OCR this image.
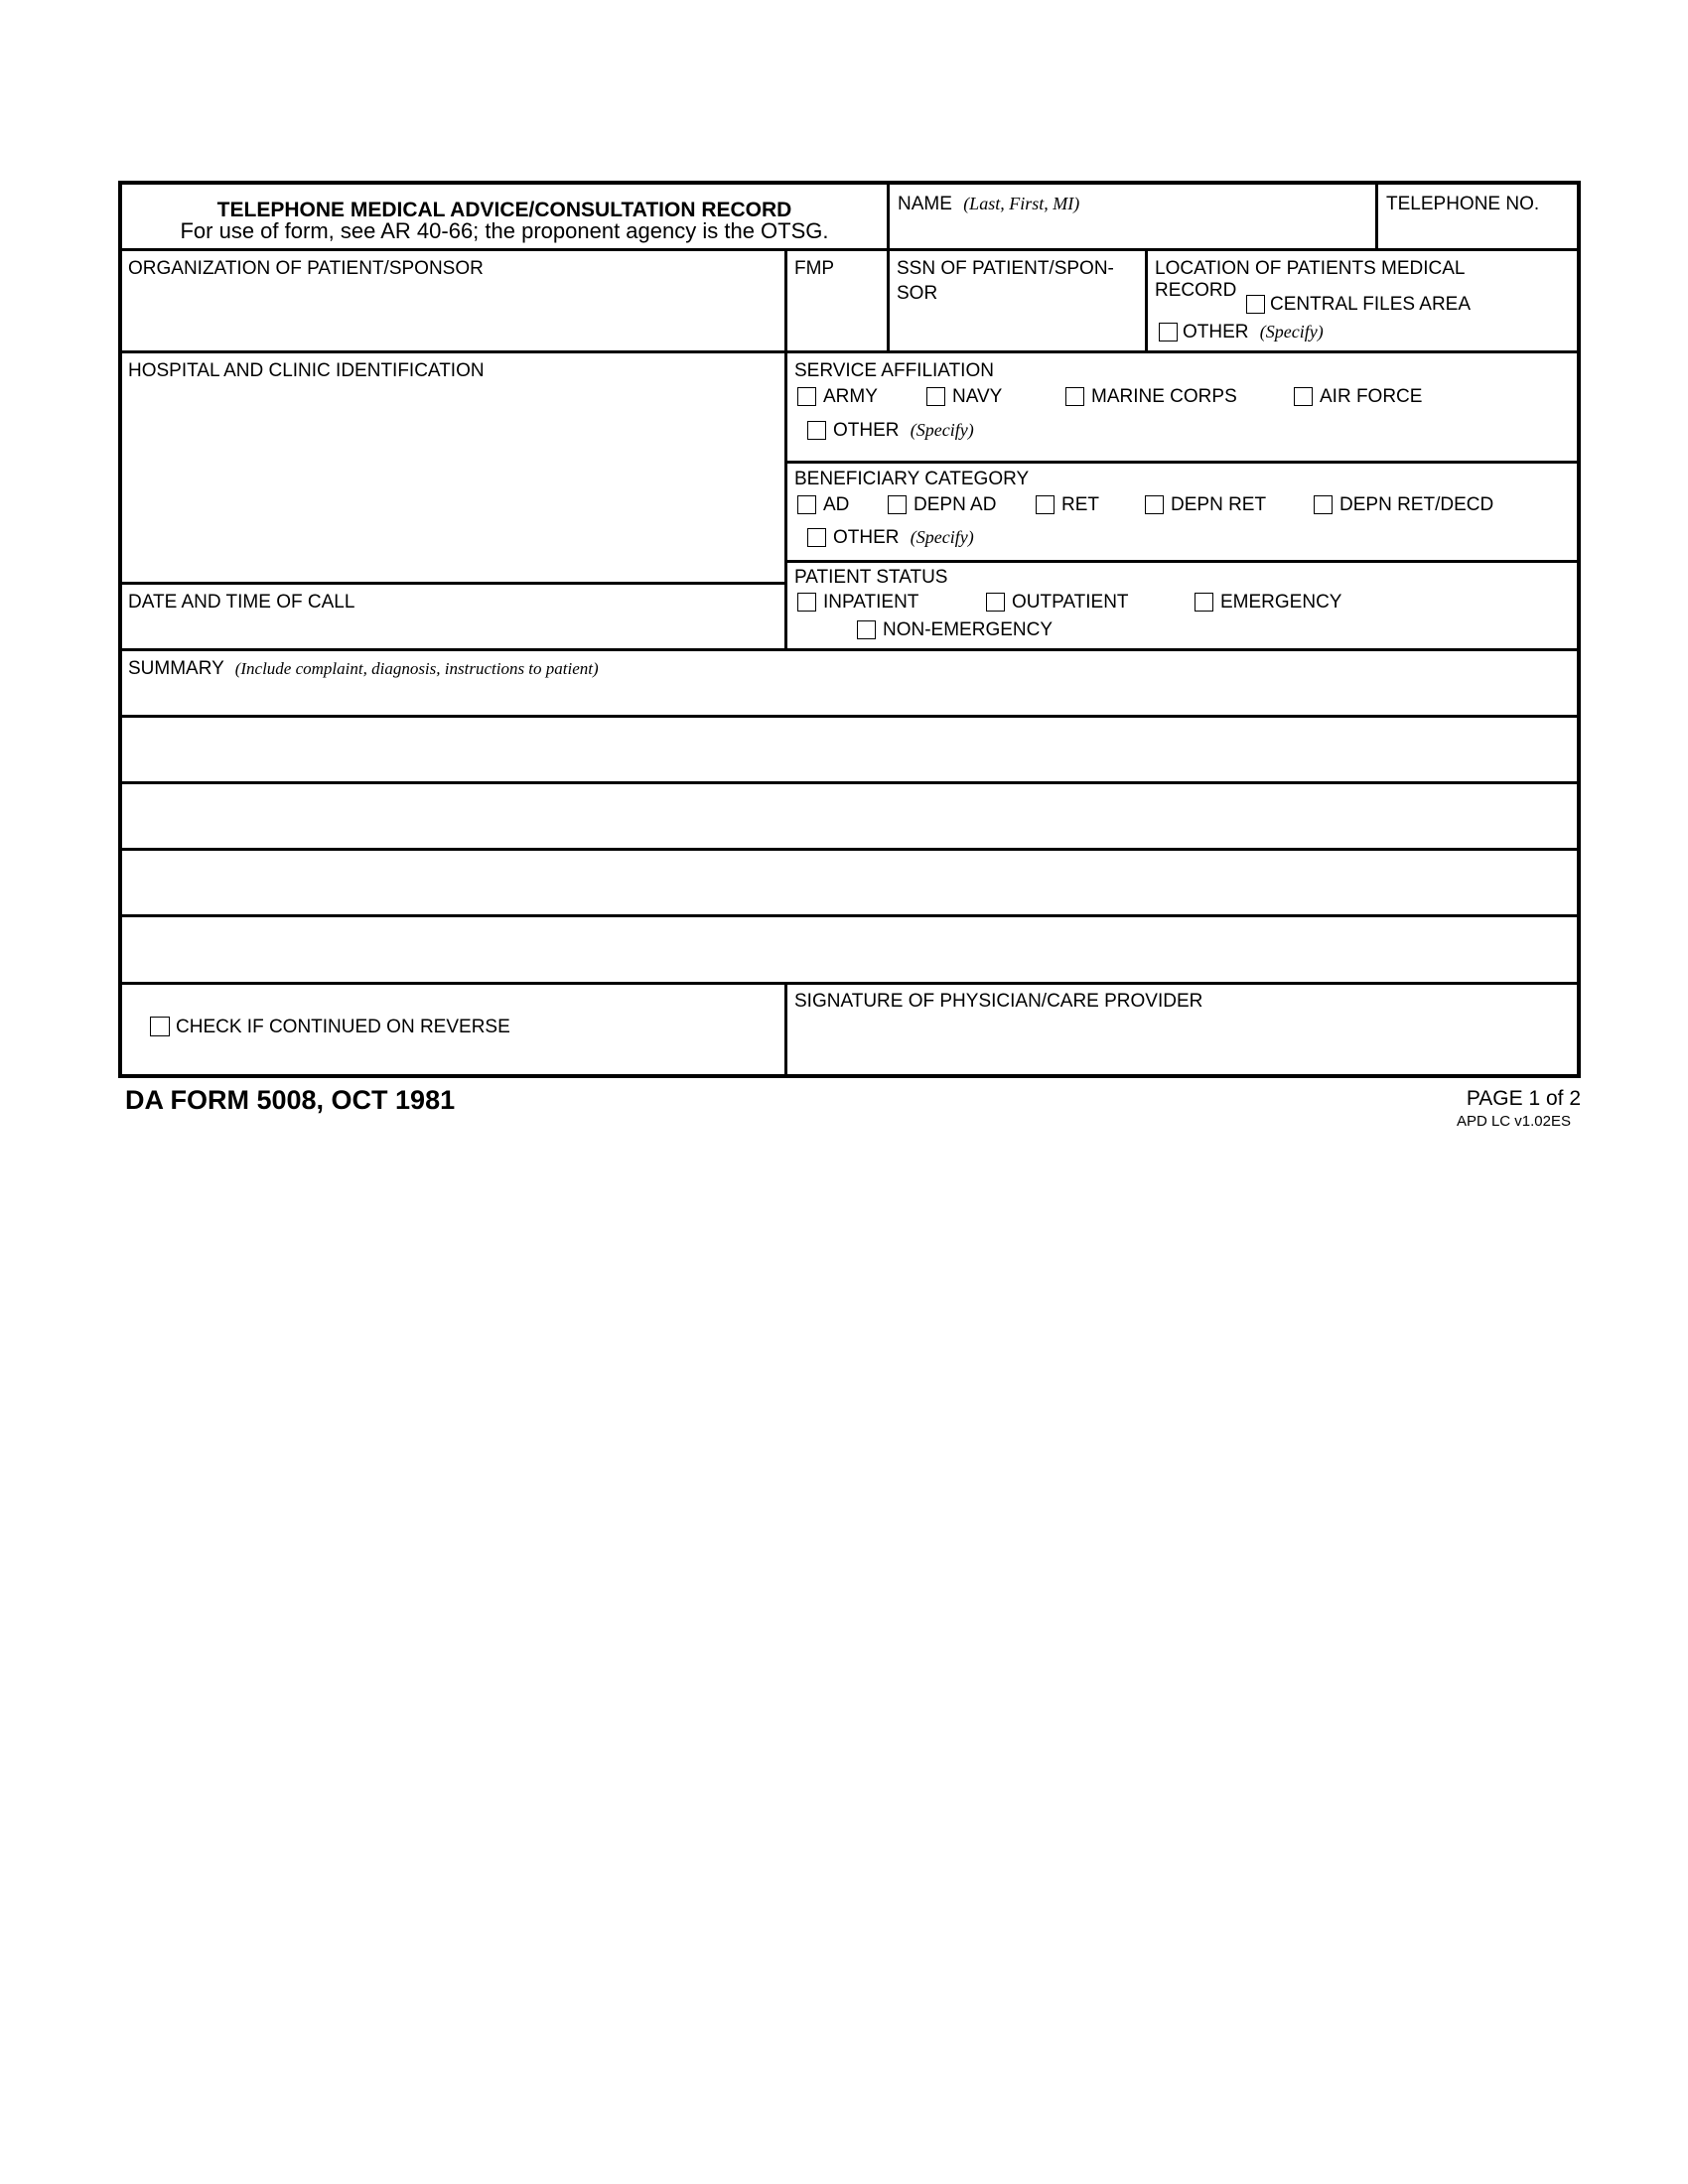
TELEPHONE MEDICAL ADVICE/CONSULTATION RECORD
For use of form, see AR 40-66; the proponent agency is the OTSG.
NAME (Last, First, MI)	TELEPHONE NO.
ORGANIZATION OF PATIENT/SPONSOR	FMP	SSN OF PATIENT/SPON-
SOR
LOCATION OF PATIENTS MEDICAL
RECORD
CENTRAL FILES AREA
OTHER (Specify)
HOSPITAL AND CLINIC IDENTIFICATION	SERVICE AFFILIATION
ARMY	NAVY	MARINE CORPS	AIR FORCE
OTHER (Specify)
BENEFICIARY CATEGORY
AD	DEPN AD	RET	DEPN RET	DEPN RET/DECD
OTHER (Specify)
DATE AND TIME OF CALL
PATIENT STATUS
INPATIENT	OUTPATIENT	EMERGENCY
NON-EMERGENCY
SUMMARY (Include complaint, diagnosis, instructions to patient)
CHECK IF CONTINUED ON REVERSE
SIGNATURE OF PHYSICIAN/CARE PROVIDER
DA FORM 5008, OCT 1981	PAGE 1 of 2
APD LC v1.02ES
